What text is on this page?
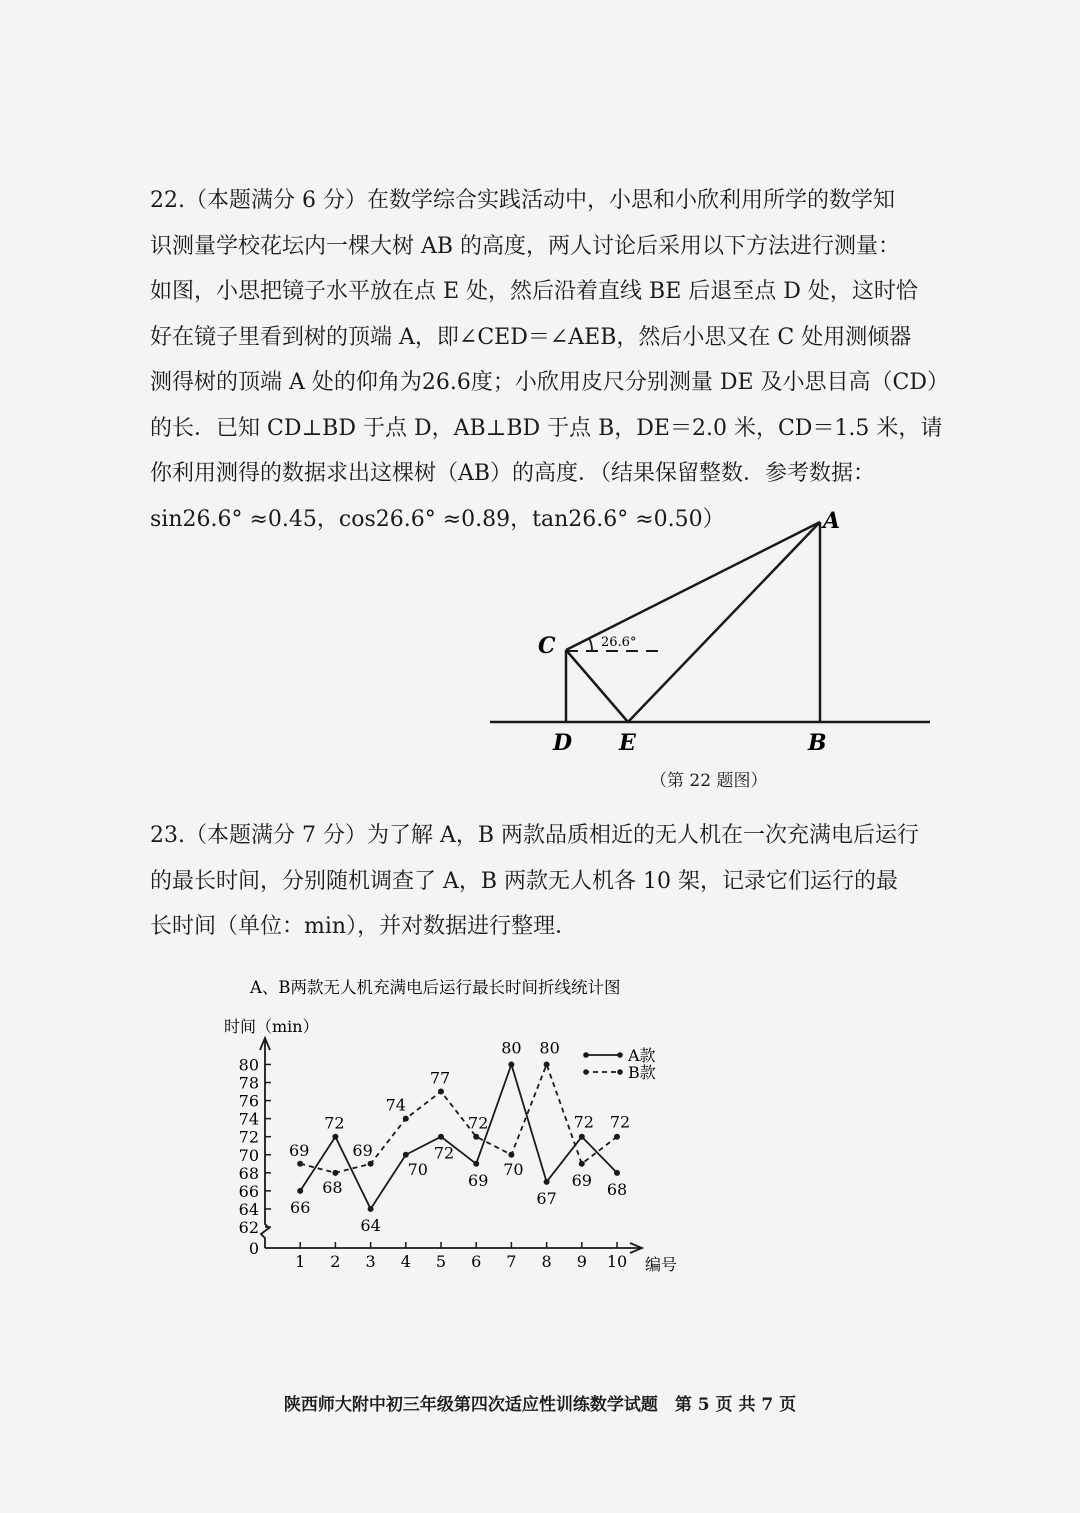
22.（本题满分 6 分）在数学综合实践活动中，小思和小欣利用所学的数学知
识测量学校花坛内一棵大树 AB 的高度，两人讨论后采用以下方法进行测量：
如图，小思把镜子水平放在点 E 处，然后沿着直线 BE 后退至点 D 处，这时恰
好在镜子里看到树的顶端 A，即∠CED＝∠AEB，然后小思又在 C 处用测倾器
测得树的顶端 A 处的仰角为26.6度；小欣用皮尺分别测量 DE 及小思目高（CD）
的长．已知 CD⊥BD 于点 D，AB⊥BD 于点 B，DE＝2.0 米，CD＝1.5 米，请
你利用测得的数据求出这棵树（AB）的高度．（结果保留整数．参考数据：
sin26.6° ≈0.45，cos26.6° ≈0.89，tan26.6° ≈0.50）	A
C
D E	B
26.6°
（第 22 题图）
23.（本题满分 7 分）为了解 A，B 两款品质相近的无人机在一次充满电后运行
的最长时间，分别随机调查了 A，B 两款无人机各 10 架，记录它们运行的最
长时间（单位：min），并对数据进行整理．
A、B两款无人机充满电后运行最长时间折线统计图
时间（min）
编号
0
62
64
66
68
70
72
74
76
78
80
1 2 3 4 5 6 7 8 9 10
66
72
64
70
72
69
80
67
72
68
69
68
69
74
77
72
70
80
69
72
A款
B款
陕西师大附中初三年级第四次适应性训练数学试题　第 5 页 共 7 页
